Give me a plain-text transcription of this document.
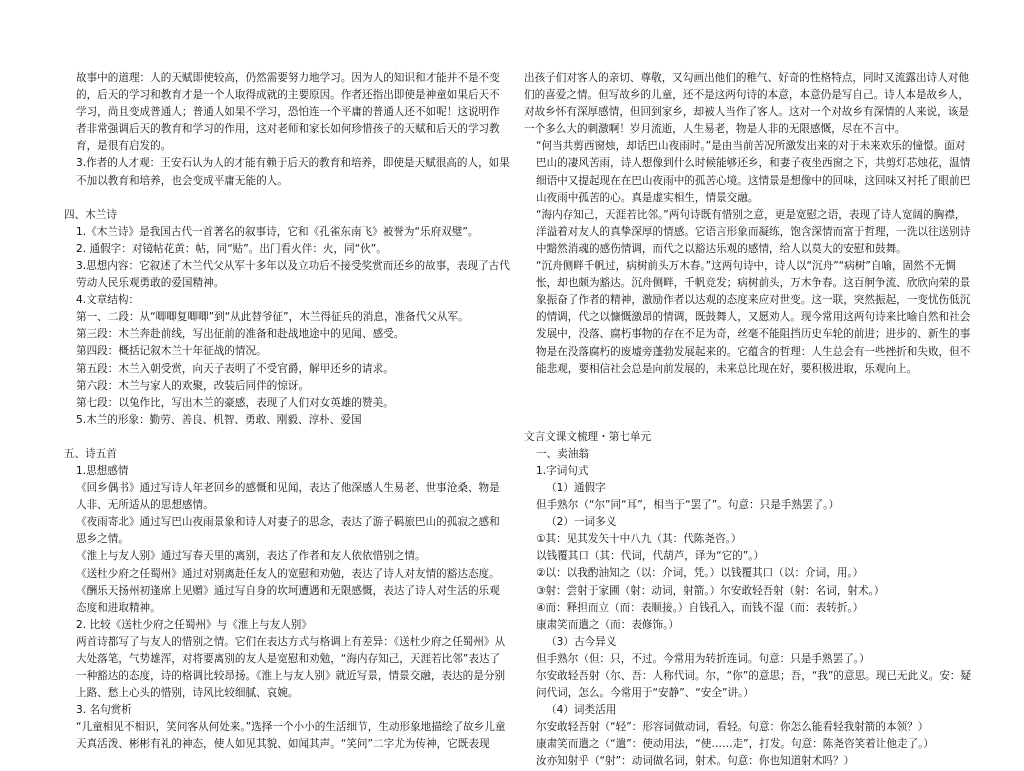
故事中的道理：人的天赋即使较高，仍然需要努力地学习。因为人的知识和才能并不是不变的，后天的学习和教育才是一个人取得成就的主要原因。作者还指出即使是神童如果后天不学习，尚且变成普通人；普通人如果不学习，恐怕连一个平庸的普通人还不如呢！这说明作者非常强调后天的教育和学习的作用，这对老师和家长如何珍惜孩子的天赋和后天的学习教育，是很有启发的。

3.作者的人才观：王安石认为人的才能有赖于后天的教育和培养，即使是天赋很高的人，如果不加以教育和培养，也会变成平庸无能的人。

四、木兰诗

1.《木兰诗》是我国古代一首著名的叙事诗，它和《孔雀东南飞》被誉为“乐府双璧”。

2. 通假字：对镜帖花黄：帖，同“贴”。出门看火伴：火，同“伙”。

3.思想内容：它叙述了木兰代父从军十多年以及立功后不接受奖赏而还乡的故事，表现了古代劳动人民乐观勇敢的爱国精神。

4.文章结构：

第一、二段：从“唧唧复唧唧”到“从此替爷征”，木兰得征兵的消息，准备代父从军。

第三段：木兰奔赴前线，写出征前的准备和赴战地途中的见闻、感受。

第四段：概括记叙木兰十年征战的情况。

第五段：木兰入朝受赏，向天子表明了不受官爵，解甲还乡的请求。

第六段：木兰与家人的欢聚，改装后同伴的惊讶。

第七段：以兔作比，写出木兰的豪感，表现了人们对女英雄的赞美。

5.木兰的形象：勤劳、善良、机智、勇敢、刚毅、淳朴、爱国

五、诗五首

1.思想感情

《回乡偶书》通过写诗人年老回乡的感慨和见闻，表达了他深感人生易老、世事沧桑、物是人非、无所适从的思想感情。

《夜雨寄北》通过写巴山夜雨景象和诗人对妻子的思念，表达了游子羁旅巴山的孤寂之感和思乡之情。

《淮上与友人别》通过写春天里的离别，表达了作者和友人依依惜别之情。

《送杜少府之任蜀州》通过对别离赴任友人的宽慰和劝勉，表达了诗人对友情的豁达态度。

《酬乐天扬州初逢席上见赠》通过写自身的坎坷遭遇和无限感慨，表达了诗人对生活的乐观态度和进取精神。

2. 比较《送杜少府之任蜀州》与《淮上与友人别》

两首诗都写了与友人的惜别之情。它们在表达方式与格调上有差异：《送杜少府之任蜀州》从大处落笔，气势雄浑，对将要离别的友人是宽慰和劝勉，“海内存知己，天涯若比邻”表达了一种豁达的态度，诗的格调比较昂扬。《淮上与友人别》就近写景，情景交融，表达的是分别上路、愁上心头的惜别，诗风比较细腻、哀婉。

3. 名句赏析

“儿童相见不相识，笑问客从何处来。”选择一个小小的生活细节，生动形象地描绘了故乡儿童天真活泼、彬彬有礼的神态，使人如见其貌、如闻其声。“笑问”二字尤为传神，它既表现

出孩子们对客人的亲切、尊敬，又勾画出他们的稚气、好奇的性格特点，同时又流露出诗人对他们的喜爱之情。但写故乡的儿童，还不是这两句诗的本意，本意仍是写自己。诗人本是故乡人，对故乡怀有深厚感情，但回到家乡，却被人当作了客人。这对一个对故乡有深情的人来说，该是一个多么大的刺激啊！岁月流逝，人生易老，物是人非的无限感慨，尽在不言中。

“何当共剪西窗烛，却话巴山夜雨时。”是由当前苦况所激发出来的对于未来欢乐的憧憬。面对巴山的凄风苦雨，诗人想像到什么时候能够还乡，和妻子夜坐西窗之下，共剪灯芯烛花，温情细语中又提起现在在巴山夜雨中的孤苦心境。这情景是想像中的回味，这回味又衬托了眼前巴山夜雨中孤苦的心。真是虚实相生，情景交融。

“海内存知己，天涯若比邻。”两句诗既有惜别之意，更是宽慰之语，表现了诗人宽阔的胸襟，洋溢着对友人的真挚深厚的情感。它语言形象而凝练，饱含深情而富于哲理，一洗以往送别诗中黯然消魂的感伤情调，而代之以豁达乐观的感情，给人以莫大的安慰和鼓舞。

“沉舟侧畔千帆过，病树前头万木春。”这两句诗中，诗人以“沉舟”“病树”自喻，固然不无惆怅，却也颇为豁达。沉舟侧畔，千帆竞发；病树前头，万木争春。这百舸争流、欣欣向荣的景象振奋了作者的精神，激励作者以达观的态度来应对世变。这一联，突然振起，一变忧伤低沉的情调，代之以慷慨激昂的情调，既鼓舞人，又愿劝人。现今常用这两句诗来比喻自然和社会发展中，没落、腐朽事物的存在不足为奇，丝毫不能阻挡历史车轮的前进；进步的、新生的事物是在没落腐朽的废墟旁蓬勃发展起来的。它蕴含的哲理：人生总会有一些挫折和失败，但不能悲观，要相信社会总是向前发展的，未来总比现在好，要积极进取，乐观向上。

文言文课文梳理・第七单元

一、卖油翁

1.字词句式

（1）通假字

但手熟尔（“尔”同“耳”，相当于“罢了”。句意：只是手熟罢了。）

（2）一词多义

①其：见其发矢十中八九（其：代陈尧咨。）

以钱覆其口（其：代词，代葫芦，译为“它的”。）

②以：以我酌油知之（以：介词，凭。）以钱覆其口（以：介词，用。）

③射：尝射于家圃（射：动词，射箭。）尔安敢轻吾射（射：名词，射术。）

④而：释担而立（而：表顺接。）自钱孔入，而钱不湿（而：表转折。）

康肃笑而遣之（而：表修饰。）

（3）古今异义

但手熟尔（但：只，不过。今常用为转折连词。句意：只是手熟罢了。）

尔安敢轻吾射（尔、吾：人称代词。尔，“你”的意思；吾，“我”的意思。现已无此义。安：疑问代词，怎么。今常用于“安静”、“安全”讲。）

（4）词类活用

尔安敢轻吾射（“轻”：形容词做动词，看轻。句意：你怎么能看轻我射箭的本领？）

康肃笑而遣之（“遣”：使动用法，“使……走”，打发。句意：陈尧咨笑着让他走了。）

汝亦知射乎（“射”：动词做名词，射术。句意：你也知道射术吗？）
